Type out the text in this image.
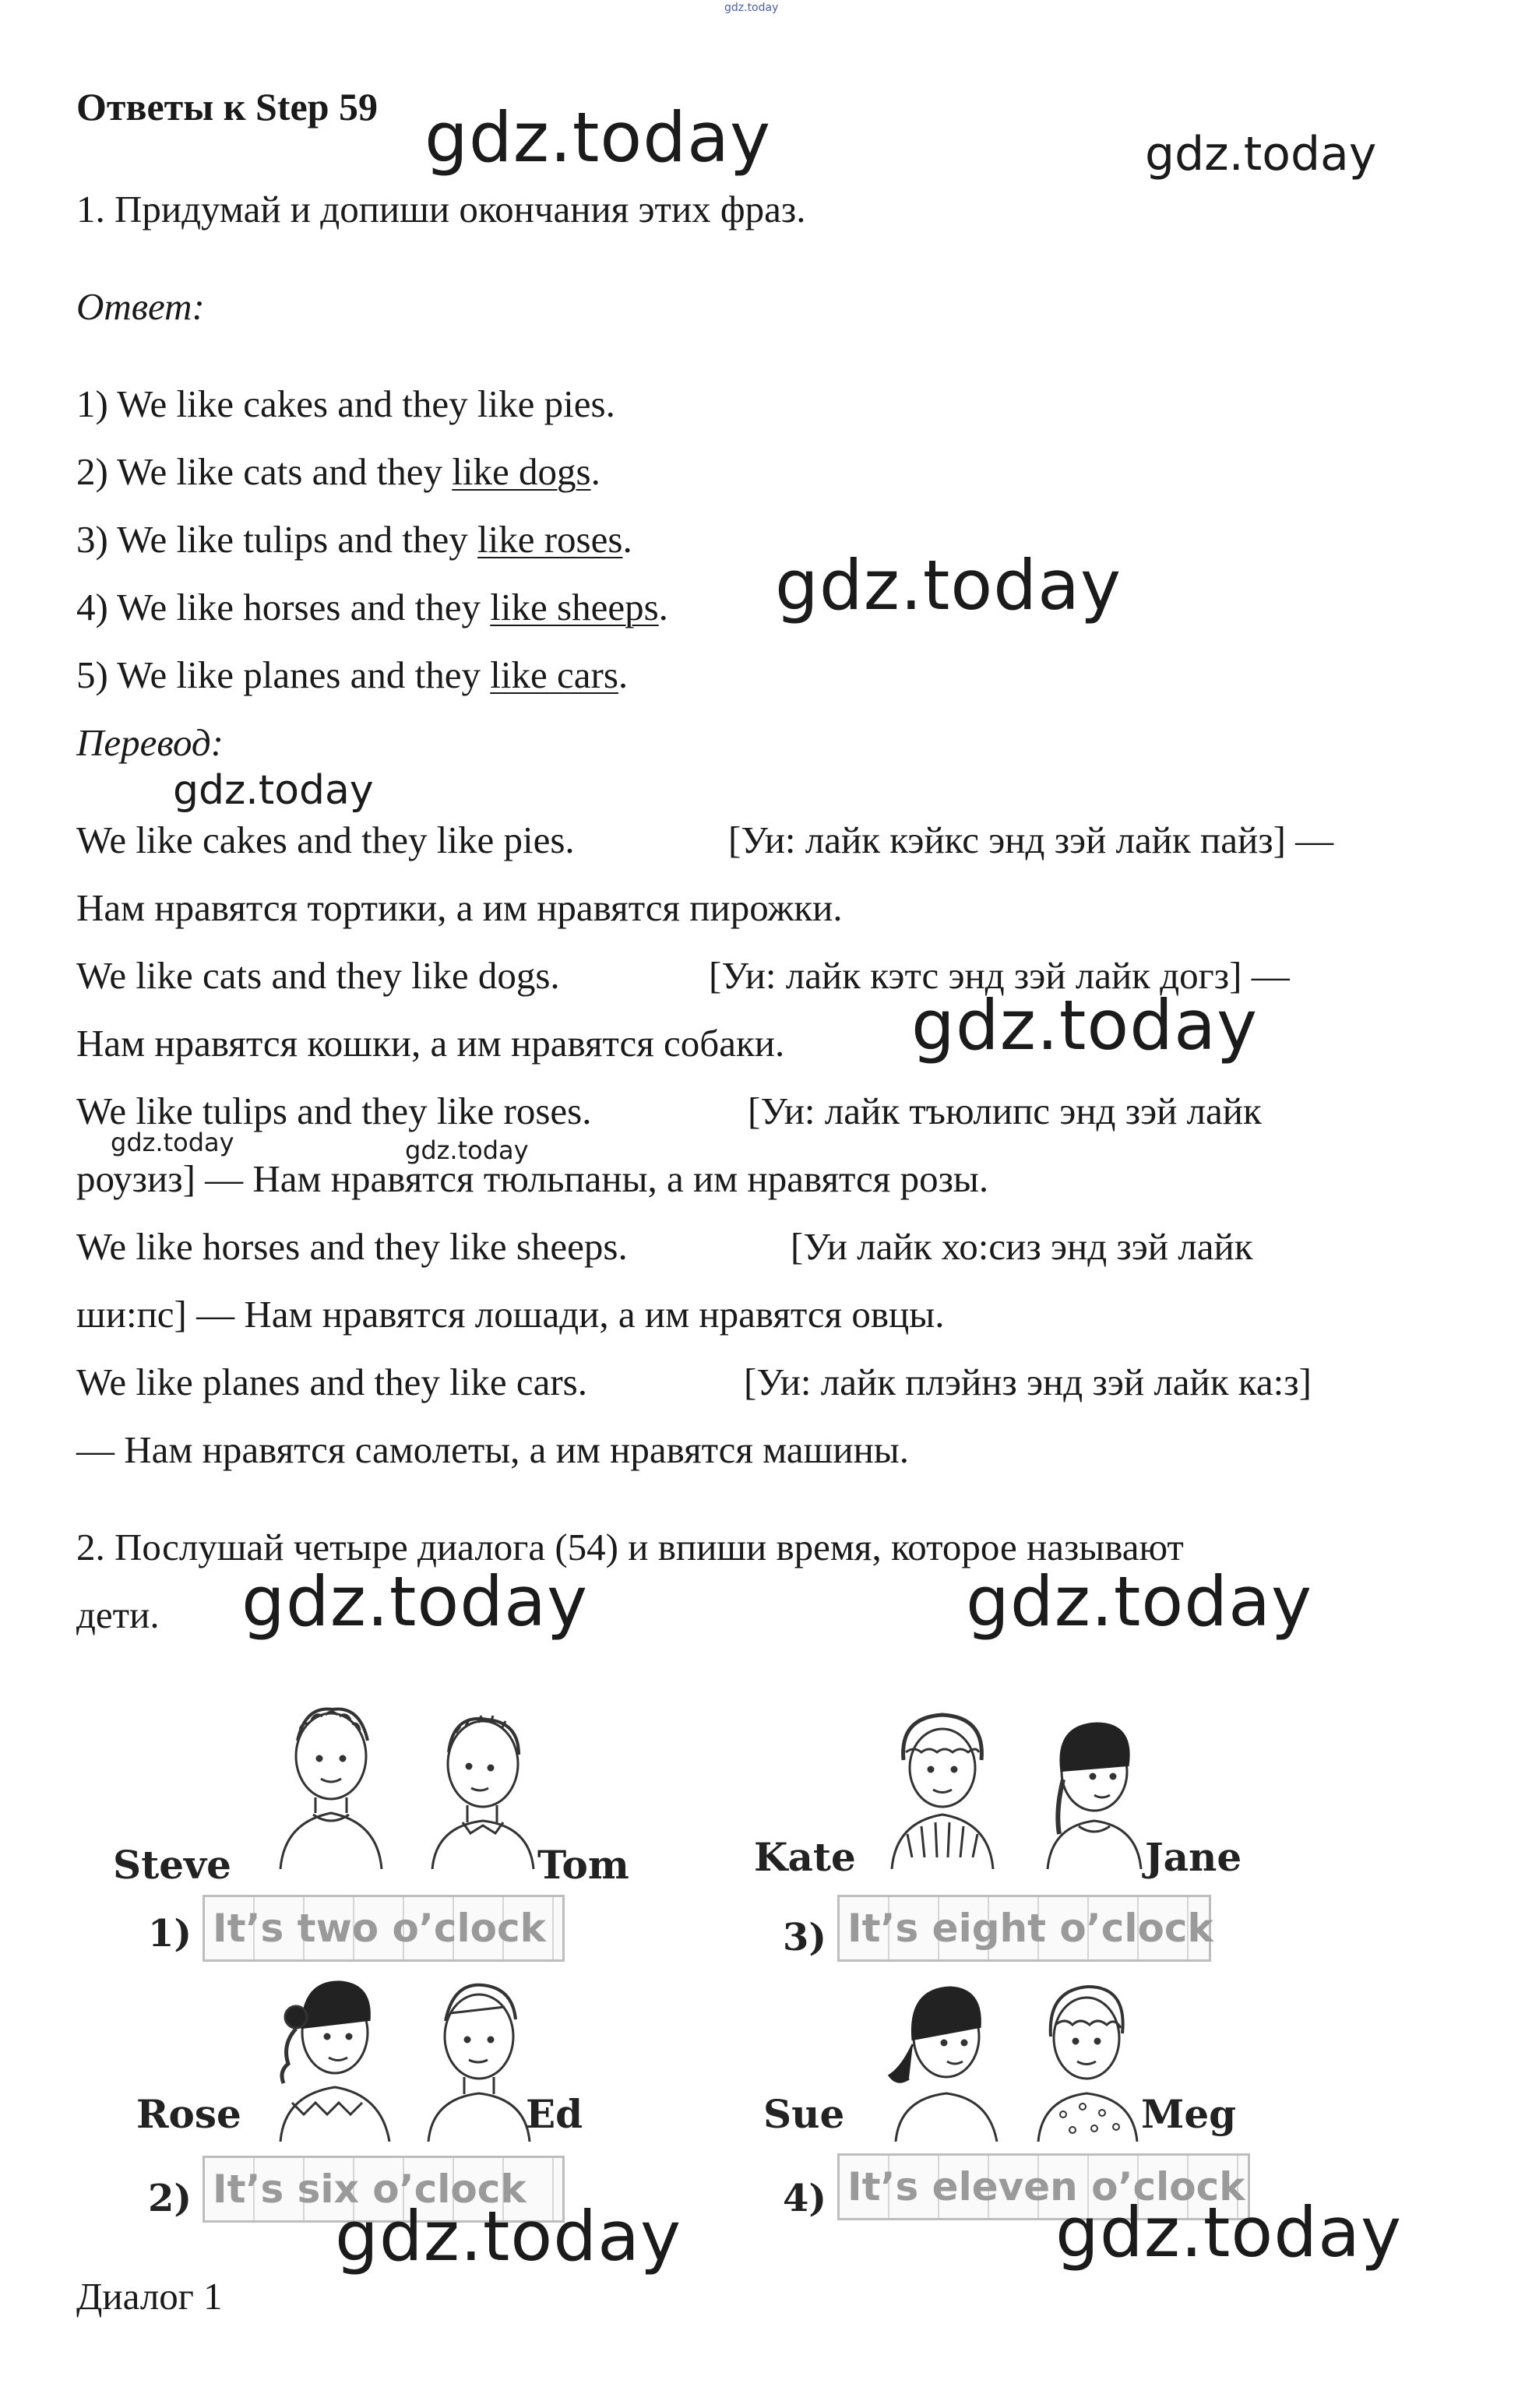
gdz.today
Ответы к Step 59 gdz.today	gdz.today
1. Придумай и допиши окончания этих фраз.
Ответ:
1) We like cakes and they like pies.
2) We like cats and they like dogs.
3) We like tulips and they like roses.
4) We like horses and they like sheeps.
5) We like planes and they like cars.
gdz.today
Перевод:
gdz.today
We like cakes and they like pies.	[Уи: лайк кэйкс энд зэй лайк пайз] —
Нам нравятся тортики, а им нравятся пирожки.
We like cats and they like dogs.	[Уи: лайк кэтс энд зэй лайк догз] —
Нам нравятся кошки, а им нравятся собаки. gdz.today
We like tulips and they like roses.	[Уи: лайк тъюлипс энд зэй лайк
gdz.today	gdz.today
роузиз] — Нам нравятся тюльпаны, а им нравятся розы.
We like horses and they like sheeps.	[Уи лайк хо:сиз энд зэй лайк
ши:пс] — Нам нравятся лошади, а им нравятся овцы.
We like planes and they like cars.	[Уи: лайк плэйнз энд зэй лайк ка:з]
— Нам нравятся самолеты, а им нравятся машины.
2. Послушай четыре диалога (54) и впиши время, которое называют
дети. gdz.today	gdz.today
Steve	Tom	Kate	Jane
Rose	Ed	Sue	Meg
1) It’s two o’clock	3) It’s eight o’clock
2) It’s six o’clock	4) It’s eleven o’clock
gdz.today	gdz.today
Диалог 1
